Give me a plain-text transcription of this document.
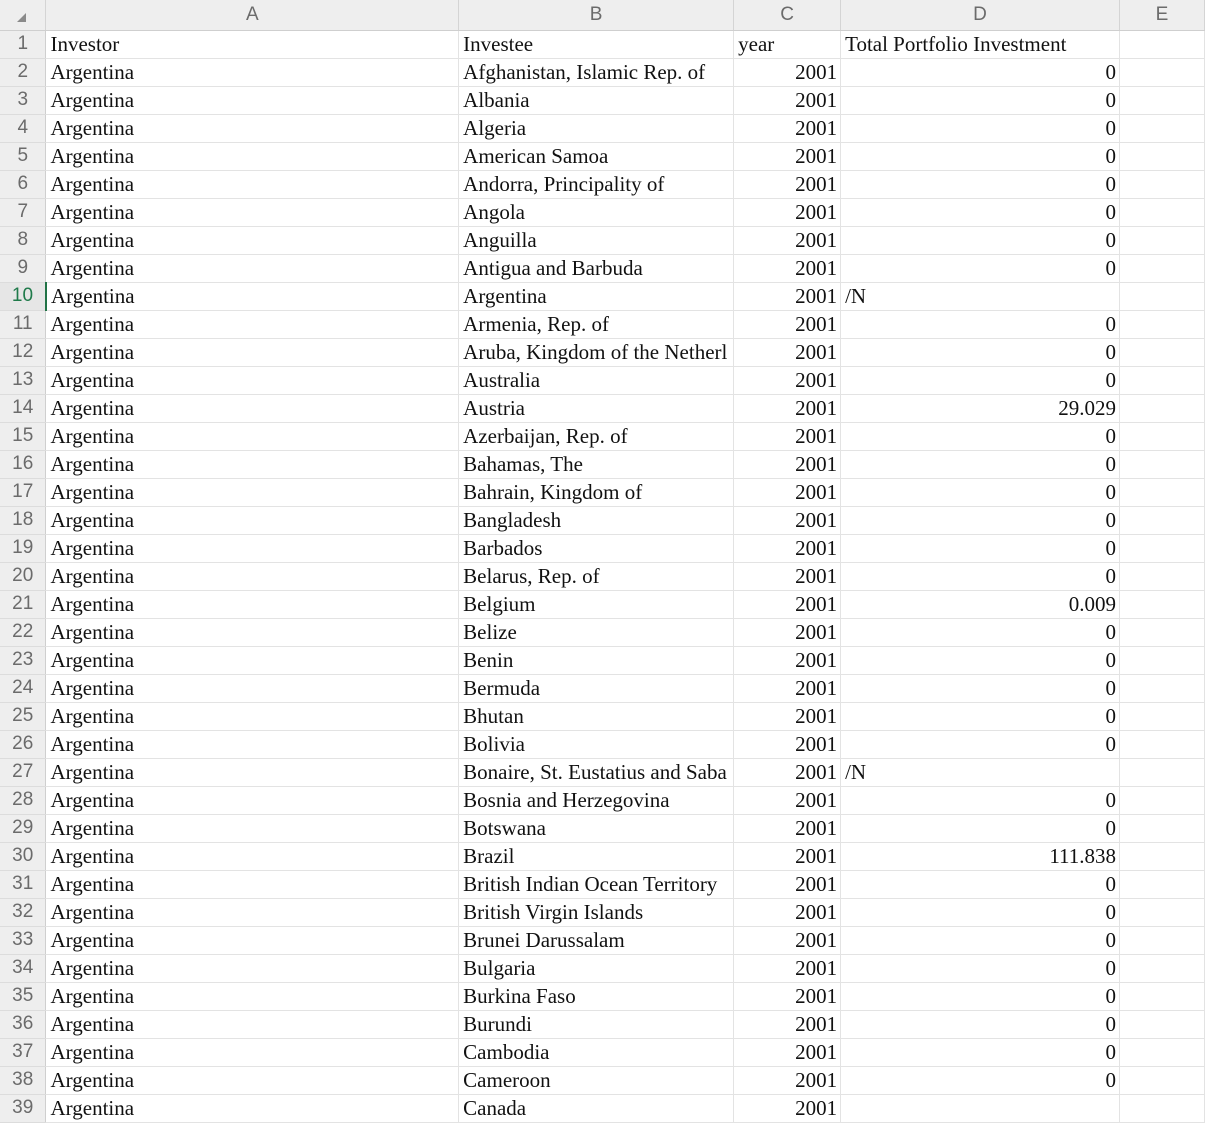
	A	B	C	D	E
1	Investor	Investee	year	Total Portfolio Investment	
2	Argentina	Afghanistan, Islamic Rep. of	2001	0	
3	Argentina	Albania	2001	0	
4	Argentina	Algeria	2001	0	
5	Argentina	American Samoa	2001	0	
6	Argentina	Andorra, Principality of	2001	0	
7	Argentina	Angola	2001	0	
8	Argentina	Anguilla	2001	0	
9	Argentina	Antigua and Barbuda	2001	0	
10	Argentina	Argentina	2001	/N	
11	Argentina	Armenia, Rep. of	2001	0	
12	Argentina	Aruba, Kingdom of the Netherl	2001	0	
13	Argentina	Australia	2001	0	
14	Argentina	Austria	2001	29.029	
15	Argentina	Azerbaijan, Rep. of	2001	0	
16	Argentina	Bahamas, The	2001	0	
17	Argentina	Bahrain, Kingdom of	2001	0	
18	Argentina	Bangladesh	2001	0	
19	Argentina	Barbados	2001	0	
20	Argentina	Belarus, Rep. of	2001	0	
21	Argentina	Belgium	2001	0.009	
22	Argentina	Belize	2001	0	
23	Argentina	Benin	2001	0	
24	Argentina	Bermuda	2001	0	
25	Argentina	Bhutan	2001	0	
26	Argentina	Bolivia	2001	0	
27	Argentina	Bonaire, St. Eustatius and Saba	2001	/N	
28	Argentina	Bosnia and Herzegovina	2001	0	
29	Argentina	Botswana	2001	0	
30	Argentina	Brazil	2001	111.838	
31	Argentina	British Indian Ocean Territory	2001	0	
32	Argentina	British Virgin Islands	2001	0	
33	Argentina	Brunei Darussalam	2001	0	
34	Argentina	Bulgaria	2001	0	
35	Argentina	Burkina Faso	2001	0	
36	Argentina	Burundi	2001	0	
37	Argentina	Cambodia	2001	0	
38	Argentina	Cameroon	2001	0	
39	Argentina	Canada	2001		
